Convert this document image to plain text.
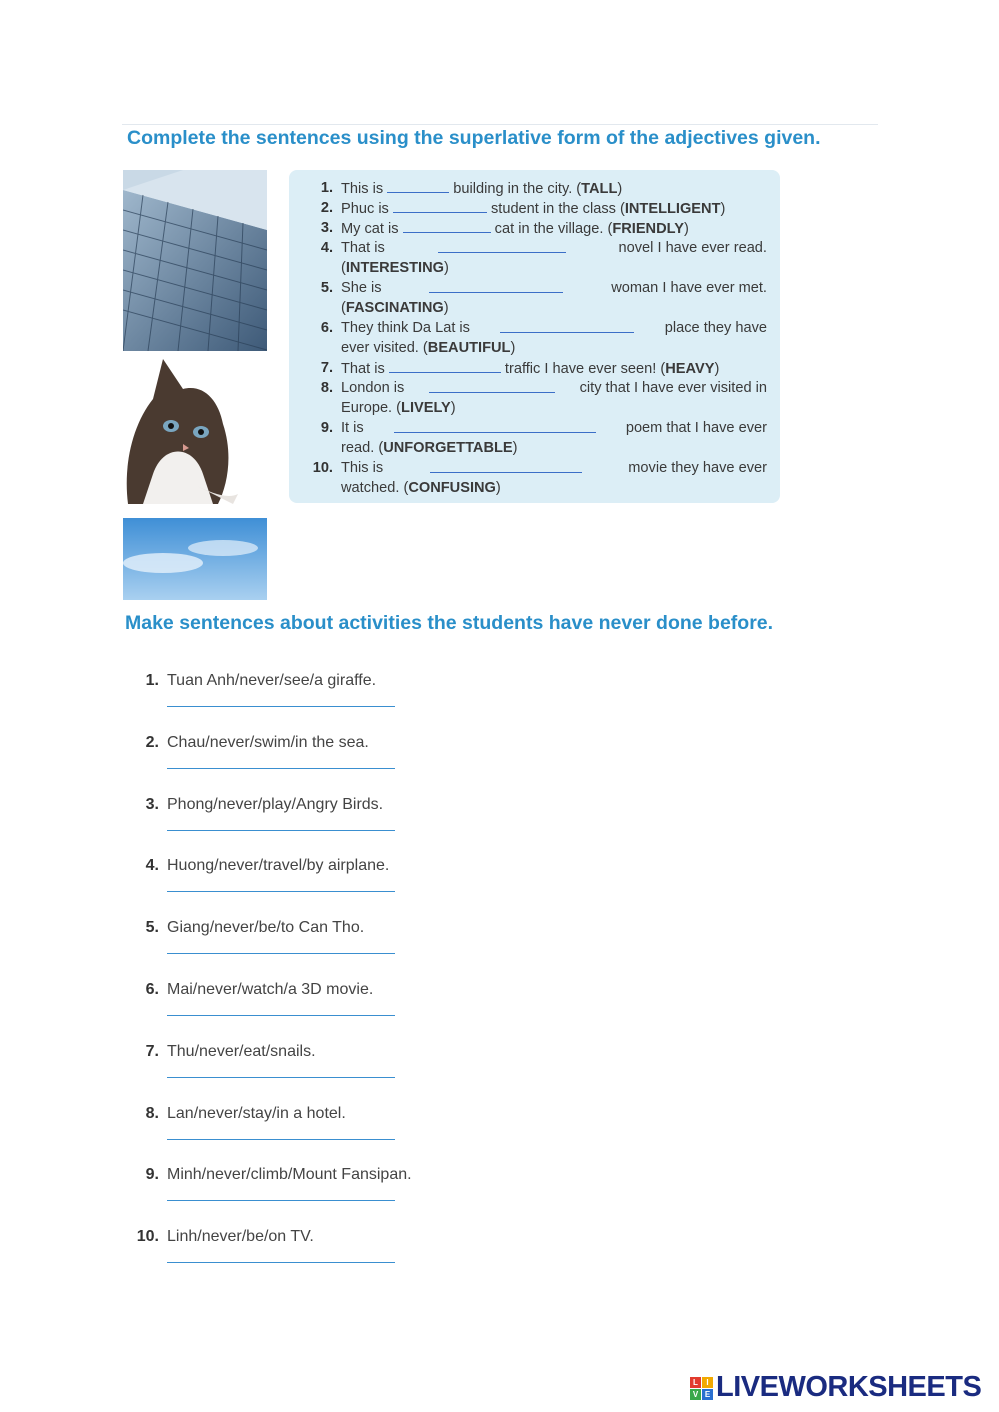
Complete the sentences using the superlative form of the adjectives given.
1. This is	building in the city. (TALL)
2. Phuc is	student in the class (INTELLIGENT)
3. My cat is	cat in the village. (FRIENDLY)
4. That is	novel I have ever read.
(INTERESTING)
5. She is	woman I have ever met.
(FASCINATING)
6. They think Da Lat is	place they have
ever visited. (BEAUTIFUL)
7. That is	traffic I have ever seen! (HEAVY)
8. London is	city that I have ever visited in
Europe. (LIVELY)
9. It is	poem that I have ever
read. (UNFORGETTABLE)
10. This is	movie they have ever
watched. (CONFUSING)
Make sentences about activities the students have never done before.
1. Tuan Anh/never/see/a giraffe.
2. Chau/never/swim/in the sea.
3. Phong/never/play/Angry Birds.
4. Huong/never/travel/by airplane.
5. Giang/never/be/to Can Tho.
6. Mai/never/watch/a 3D movie.
7. Thu/never/eat/snails.
8. Lan/never/stay/in a hotel.
9. Minh/never/climb/Mount Fansipan.
10. Linh/never/be/on TV.
L	I
V E LIVEWORKSHEETS
